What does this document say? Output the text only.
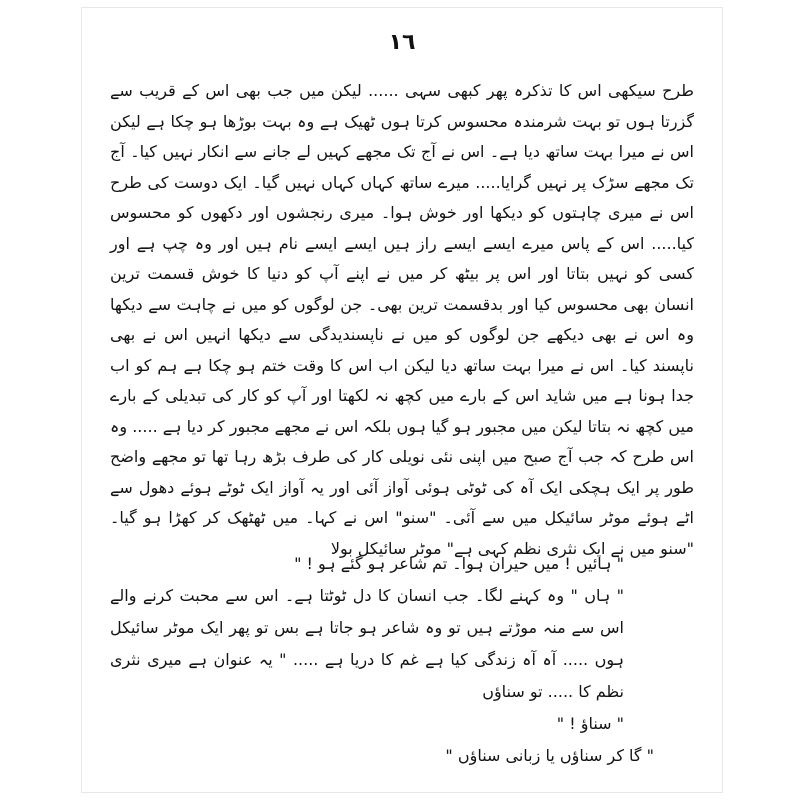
١٦

طرح سیکھی اس کا تذکرہ پھر کبھی سہی ...... لیکن میں جب بھی اس کے قریب سے گزرتا ہوں تو بہت شرمندہ محسوس کرتا ہوں ٹھیک ہے وہ بہت بوڑھا ہو چکا ہے لیکن اس نے میرا بہت ساتھ دیا ہے۔ اس نے آج تک مجھے کہیں لے جانے سے انکار نہیں کیا۔ آج تک مجھے سڑک پر نہیں گرایا..... میرے ساتھ کہاں کہاں نہیں گیا۔ ایک دوست کی طرح اس نے میری چاہتوں کو دیکھا اور خوش ہوا۔ میری رنجشوں اور دکھوں کو محسوس کیا..... اس کے پاس میرے ایسے ایسے راز ہیں ایسے ایسے نام ہیں اور وہ چپ ہے اور کسی کو نہیں بتاتا اور اس پر بیٹھ کر میں نے اپنے آپ کو دنیا کا خوش قسمت ترین انسان بھی محسوس کیا اور بدقسمت ترین بھی۔ جن لوگوں کو میں نے چاہت سے دیکھا وہ اس نے بھی دیکھے جن لوگوں کو میں نے ناپسندیدگی سے دیکھا انہیں اس نے بھی ناپسند کیا۔ اس نے میرا بہت ساتھ دیا لیکن اب اس کا وقت ختم ہو چکا ہے ہم کو اب جدا ہونا ہے میں شاید اس کے بارے میں کچھ نہ لکھتا اور آپ کو کار کی تبدیلی کے بارے میں کچھ نہ بتاتا لیکن میں مجبور ہو گیا ہوں بلکہ اس نے مجھے مجبور کر دیا ہے ..... وہ اس طرح کہ جب آج صبح میں اپنی نئی نویلی کار کی طرف بڑھ رہا تھا تو مجھے واضح طور پر ایک ہچکی ایک آہ کی ٹوٹی ہوئی آواز آئی اور یہ آواز ایک ٹوٹے ہوئے دھول سے اٹے ہوئے موٹر سائیکل میں سے آئی۔ "سنو" اس نے کہا۔ میں ٹھٹھک کر کھڑا ہو گیا۔ "سنو میں نے ایک نثری نظم کہی ہے" موٹر سائیکل بولا

" ہائیں ! میں حیران ہوا۔ تم شاعر ہو گئے ہو ! "

" ہاں " وہ کہنے لگا۔ جب انسان کا دل ٹوٹتا ہے۔ اس سے محبت کرنے والے اس سے منہ موڑتے ہیں تو وہ شاعر ہو جاتا ہے بس تو پھر ایک موٹر سائیکل ہوں ..... آہ آہ زندگی کیا ہے غم کا دریا ہے ..... " یہ عنوان ہے میری نثری نظم کا ..... تو سناؤں

" سناؤ ! "

" گا کر سناؤں یا زبانی سناؤں "
